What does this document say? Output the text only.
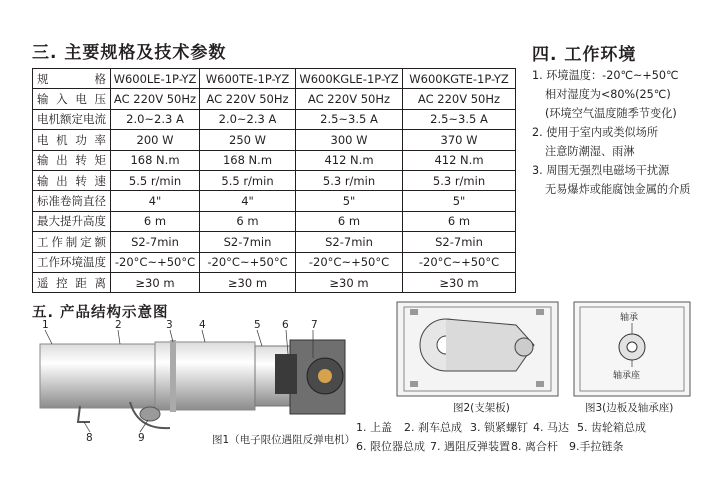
三. 主要规格及技术参数
规　　格	W600LE-1P-YZ	W600TE-1P-YZ	W600KGLE-1P-YZ	W600KGTE-1P-YZ
输入电压	AC 220V 50Hz	AC 220V 50Hz	AC 220V 50Hz	AC 220V 50Hz
电机额定电流	2.0~2.3 A	2.0~2.3 A	2.5~3.5 A	2.5~3.5 A
电机功率	200 W	250 W	300 W	370 W
输出转矩	168 N.m	168 N.m	412 N.m	412 N.m
输出转速	5.5 r/min	5.5 r/min	5.3 r/min	5.3 r/min
标准卷筒直径	4"	4"	5"	5"
最大提升高度	6 m	6 m	6 m	6 m
工作制定额	S2-7min	S2-7min	S2-7min	S2-7min
工作环境温度	-20°C~+50°C	-20°C~+50°C	-20°C~+50°C	-20°C~+50°C
遥控距离	≥30 m	≥30 m	≥30 m	≥30 m
四. 工作环境
1. 环境温度：-20℃~+50℃
相对湿度为<80%(25℃)
(环境空气温度随季节变化)
2. 使用于室内或类似场所
注意防潮湿、雨淋
3. 周围无强烈电磁场干扰源
无易爆炸或能腐蚀金属的介质
五. 产品结构示意图
1	2	3	4	5 6 7
8	9	图1（电子限位遇阻反弹电机）
图2(支架板)
轴承
轴承座
图3(边板及轴承座)
1. 上盖 2. 刹车总成 3. 锁紧螺钉 4. 马达 5. 齿轮箱总成
6. 限位器总成 7. 遇阻反弹装置 8. 离合杆 9.手拉链条
